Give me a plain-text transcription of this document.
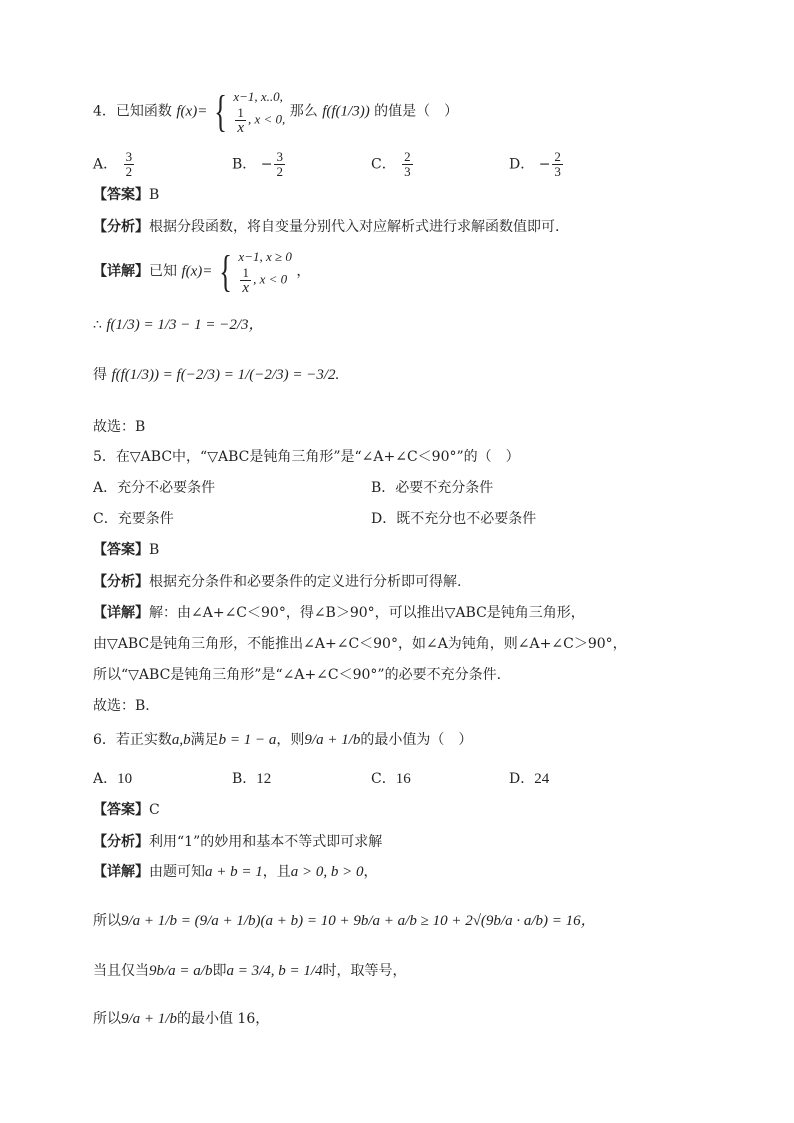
4．已知函数 f(x)= { x−1, x..0,
$\frac{1}{x}$ , x < 0, 那么 f(f(1/3)) 的值是（　）
A． $\frac{3}{2}$	B． − $\frac{3}{2}$	C． $\frac{2}{3}$	D． − $\frac{2}{3}$
【答案】B
【分析】根据分段函数，将自变量分别代入对应解析式进行求解函数值即可.
【详解】已知 f(x)= { x−1, x ≥ 0
$\frac{1}{x}$ , x < 0 ，
∴ f(1/3) = 1/3 − 1 = −2/3，
得 f(f(1/3)) = f(−2/3) = 1/(−2/3) = −3/2.
故选：B
5．在▽ABC中，“▽ABC是钝角三角形”是“∠A+∠C＜90°”的（　）
A．充分不必要条件	B．必要不充分条件
C．充要条件	D．既不充分也不必要条件
【答案】B
【分析】根据充分条件和必要条件的定义进行分析即可得解.
【详解】解：由∠A+∠C＜90°，得∠B＞90°，可以推出▽ABC是钝角三角形，
由▽ABC是钝角三角形，不能推出∠A+∠C＜90°，如∠A为钝角，则∠A+∠C＞90°，
所以“▽ABC是钝角三角形”是“∠A+∠C＜90°”的必要不充分条件.
故选：B.
6．若正实数a,b满足b = 1 − a，则9/a + 1/b的最小值为（　）
A．10	B．12	C．16	D．24
【答案】C
【分析】利用“1”的妙用和基本不等式即可求解
【详解】由题可知a + b = 1，且a > 0, b > 0，
所以9/a + 1/b = (9/a + 1/b)(a + b) = 10 + 9b/a + a/b ≥ 10 + 2√(9b/a · a/b) = 16，
当且仅当9b/a = a/b即a = 3/4, b = 1/4时，取等号，
所以9/a + 1/b的最小值 16，
